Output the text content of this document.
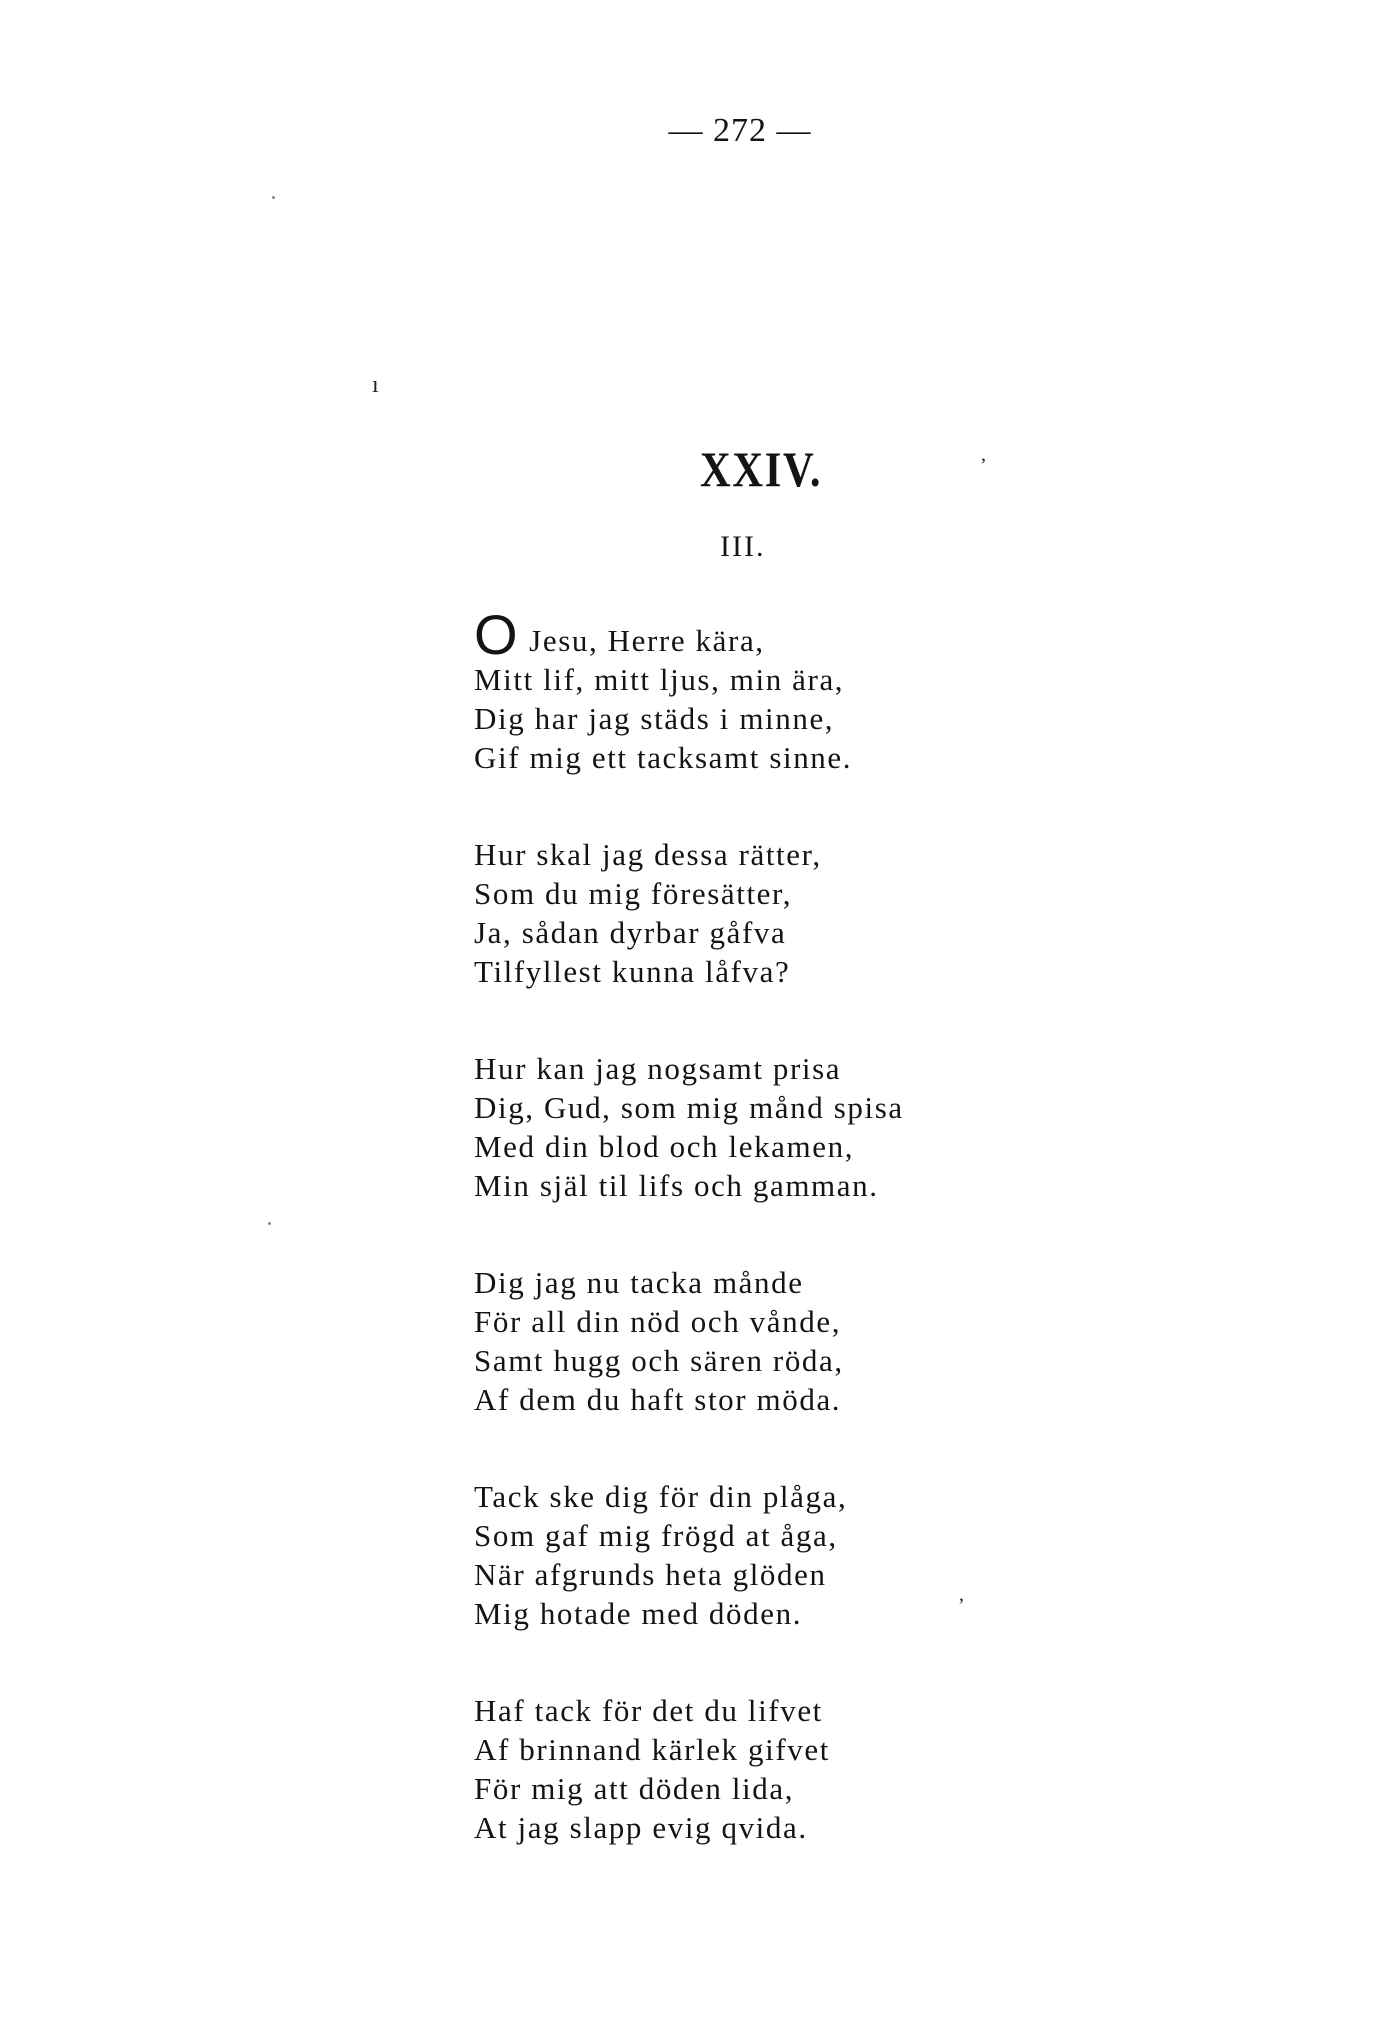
— 272 —
ı
ʼ
ʼ
XXIV.
III.
O Jesu, Herre kära,
Mitt lif, mitt ljus, min ära,
Dig har jag städs i minne,
Gif mig ett tacksamt sinne.
Hur skal jag dessa rätter,
Som du mig föresätter,
Ja, sådan dyrbar gåfva
Tilfyllest kunna låfva?
Hur kan jag nogsamt prisa
Dig, Gud, som mig månd spisa
Med din blod och lekamen,
Min själ til lifs och gamman.
Dig jag nu tacka månde
För all din nöd och vånde,
Samt hugg och sären röda,
Af dem du haft stor möda.
Tack ske dig för din plåga,
Som gaf mig frögd at åga,
När afgrunds heta glöden
Mig hotade med döden.
Haf tack för det du lifvet
Af brinnand kärlek gifvet
För mig att döden lida,
At jag slapp evig qvida.
